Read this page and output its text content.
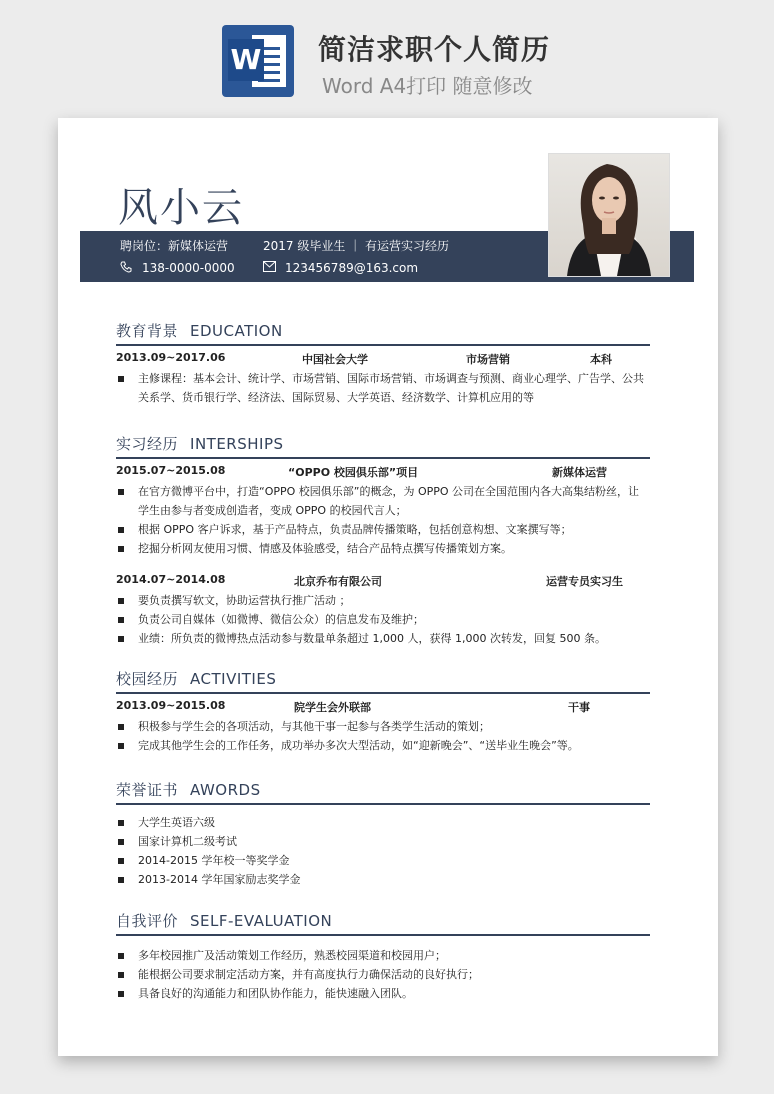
W 简洁求职个人简历
Word A4打印 随意修改
风小云
聘岗位：新媒体运营	2017 级毕业生 ｜ 有运营实习经历
138-0000-0000	123456789@163.com
教育背景 EDUCATION
2013.09~2017.06	中国社会大学	市场营销	本科
主修课程：基本会计、统计学、市场营销、国际市场营销、市场调查与预测、商业心理学、广告学、公共关系学、货币银行学、经济法、国际贸易、大学英语、经济数学、计算机应用的等
实习经历 INTERSHIPS
2015.07~2015.08	“OPPO 校园俱乐部”项目	新媒体运营
在官方微博平台中，打造“OPPO 校园俱乐部”的概念，为 OPPO 公司在全国范围内各大高集结粉丝，让学生由参与者变成创造者，变成 OPPO 的校园代言人；
根据 OPPO 客户诉求，基于产品特点，负责品牌传播策略，包括创意构想、文案撰写等；
挖掘分析网友使用习惯、情感及体验感受，结合产品特点撰写传播策划方案。
2014.07~2014.08	北京乔布有限公司	运营专员实习生
要负责撰写软文，协助运营执行推广活动 ；
负责公司自媒体（如微博、微信公众）的信息发布及维护；
业绩：所负责的微博热点活动参与数量单条超过 1,000 人，获得 1,000 次转发，回复 500 条。
校园经历 ACTIVITIES
2013.09~2015.08	院学生会外联部	干事
积极参与学生会的各项活动，与其他干事一起参与各类学生活动的策划；
完成其他学生会的工作任务，成功举办多次大型活动，如“迎新晚会”、“送毕业生晚会”等。
荣誉证书 AWORDS
大学生英语六级
国家计算机二级考试
2014-2015 学年校一等奖学金
2013-2014 学年国家励志奖学金
自我评价 SELF-EVALUATION
多年校园推广及活动策划工作经历，熟悉校园渠道和校园用户；
能根据公司要求制定活动方案，并有高度执行力确保活动的良好执行；
具备良好的沟通能力和团队协作能力，能快速融入团队。
